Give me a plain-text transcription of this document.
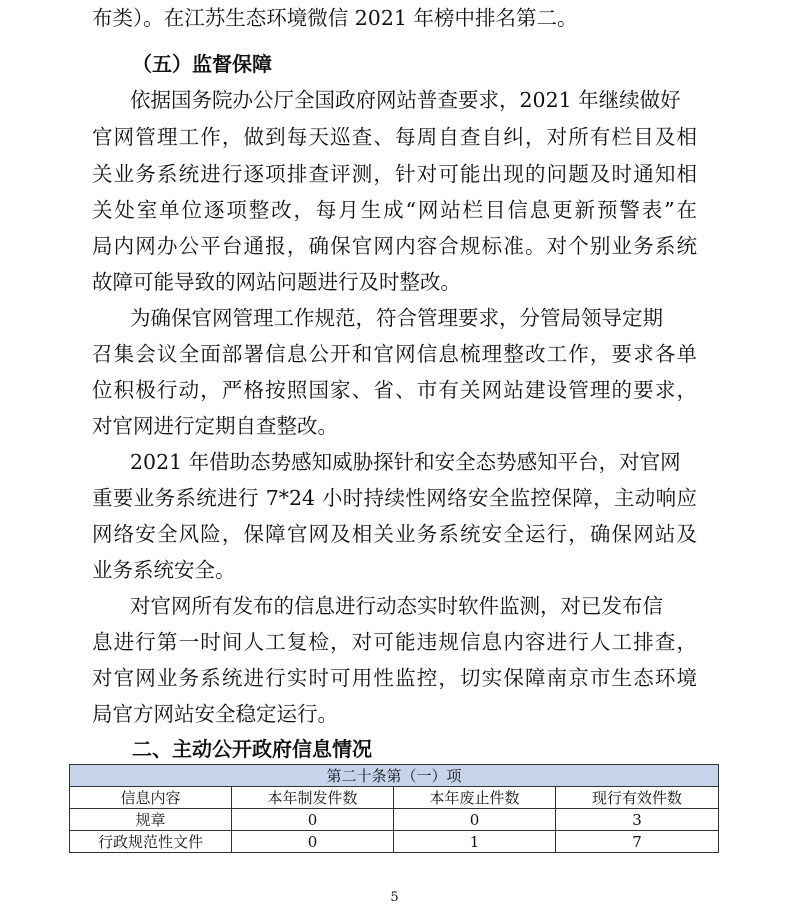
布类）。在江苏生态环境微信 2021 年榜中排名第二。
（五）监督保障
依据国务院办公厅全国政府网站普查要求，2021 年继续做好
官网管理工作，做到每天巡查、每周自查自纠，对所有栏目及相
关业务系统进行逐项排查评测，针对可能出现的问题及时通知相
关处室单位逐项整改，每月生成“网站栏目信息更新预警表”在
局内网办公平台通报，确保官网内容合规标准。对个别业务系统
故障可能导致的网站问题进行及时整改。
为确保官网管理工作规范，符合管理要求，分管局领导定期
召集会议全面部署信息公开和官网信息梳理整改工作，要求各单
位积极行动，严格按照国家、省、市有关网站建设管理的要求，
对官网进行定期自查整改。
2021 年借助态势感知威胁探针和安全态势感知平台，对官网
重要业务系统进行 7*24 小时持续性网络安全监控保障，主动响应
网络安全风险，保障官网及相关业务系统安全运行，确保网站及
业务系统安全。
对官网所有发布的信息进行动态实时软件监测，对已发布信
息进行第一时间人工复检，对可能违规信息内容进行人工排查，
对官网业务系统进行实时可用性监控，切实保障南京市生态环境
局官方网站安全稳定运行。
二、主动公开政府信息情况
第二十条第（一）项			
信息内容	本年制发件数	本年废止件数	现行有效件数
规章	0	0	3
行政规范性文件	0	1	7
5
